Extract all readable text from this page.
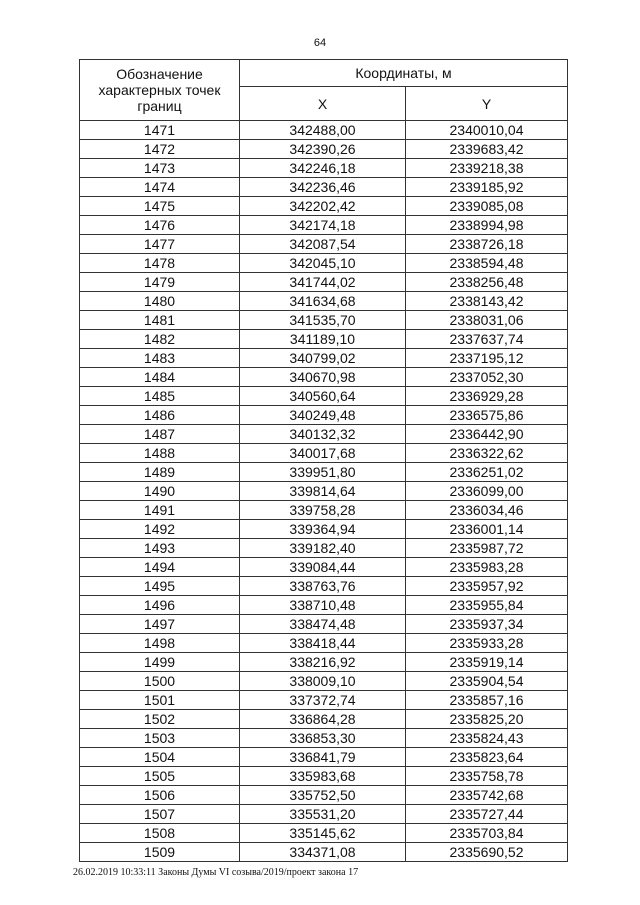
64
Обозначение характерных точек границ	Координаты, м	
	X	Y
1471	342488,00	2340010,04
1472	342390,26	2339683,42
1473	342246,18	2339218,38
1474	342236,46	2339185,92
1475	342202,42	2339085,08
1476	342174,18	2338994,98
1477	342087,54	2338726,18
1478	342045,10	2338594,48
1479	341744,02	2338256,48
1480	341634,68	2338143,42
1481	341535,70	2338031,06
1482	341189,10	2337637,74
1483	340799,02	2337195,12
1484	340670,98	2337052,30
1485	340560,64	2336929,28
1486	340249,48	2336575,86
1487	340132,32	2336442,90
1488	340017,68	2336322,62
1489	339951,80	2336251,02
1490	339814,64	2336099,00
1491	339758,28	2336034,46
1492	339364,94	2336001,14
1493	339182,40	2335987,72
1494	339084,44	2335983,28
1495	338763,76	2335957,92
1496	338710,48	2335955,84
1497	338474,48	2335937,34
1498	338418,44	2335933,28
1499	338216,92	2335919,14
1500	338009,10	2335904,54
1501	337372,74	2335857,16
1502	336864,28	2335825,20
1503	336853,30	2335824,43
1504	336841,79	2335823,64
1505	335983,68	2335758,78
1506	335752,50	2335742,68
1507	335531,20	2335727,44
1508	335145,62	2335703,84
1509	334371,08	2335690,52
26.02.2019 10:33:11 Законы Думы VI созыва/2019/проект закона 17
